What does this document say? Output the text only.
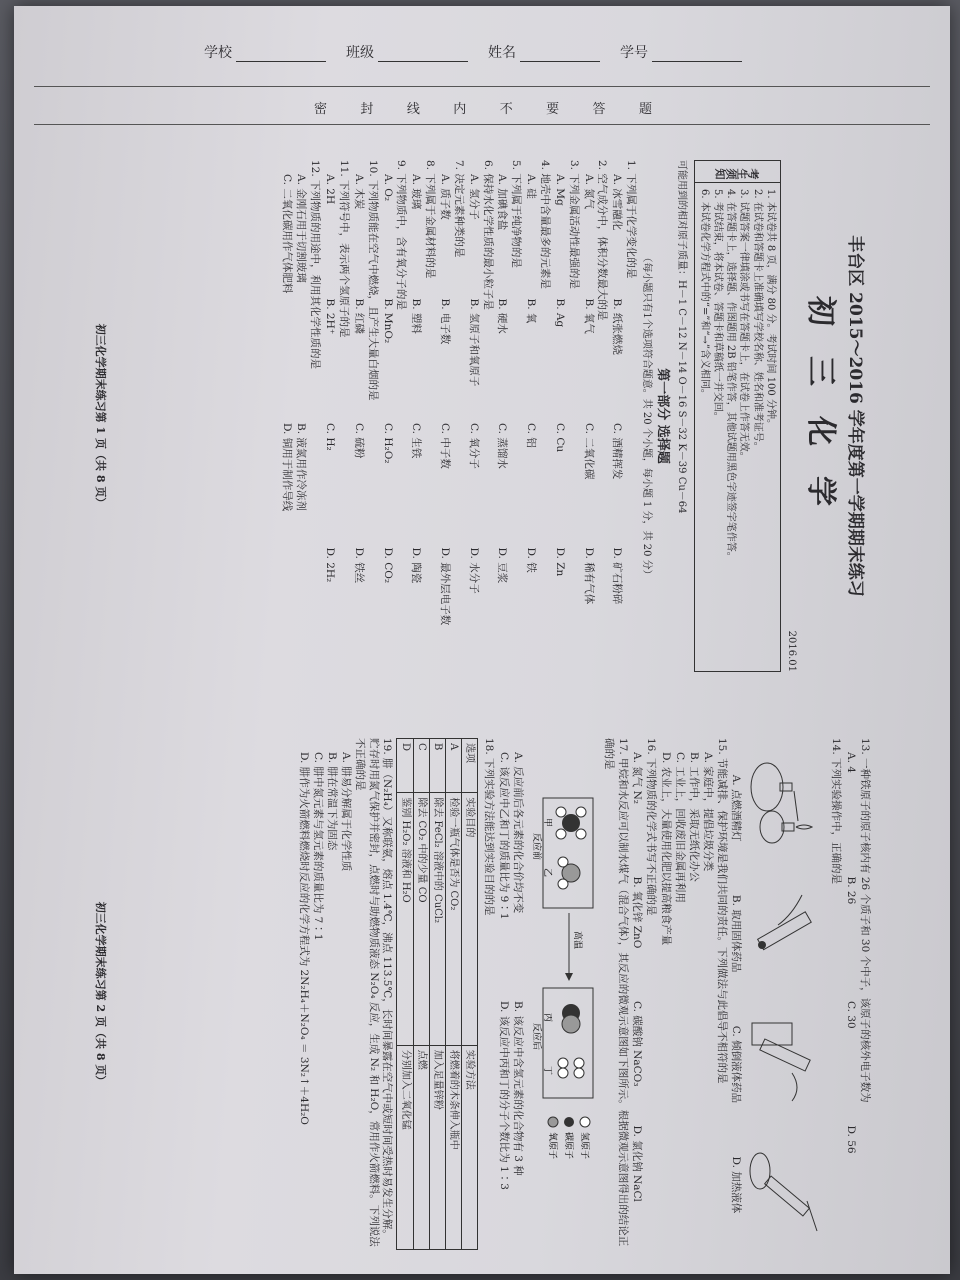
学校	班级	姓名	学号
密 封 线 内 不 要 答 题
丰台区 2015～2016 学年度第一学期期末练习
初三化学
2016.01
考生须知
1. 本试卷共 8 页，满分 80 分。考试时间 100 分钟。
2. 在试卷和答题卡上准确填写学校名称、姓名和准考证号。
3. 试题答案一律填涂或书写在答题卡上，在试卷上作答无效。
4. 在答题卡上，选择题、作图题用 2B 铅笔作答，其他试题用黑色字迹签字笔作答。
5. 考试结束，将本试卷、答题卡和草稿纸一并交回。
6. 本试卷化学方程式中的“=”和“→”含义相同。
可能用到的相对原子质量：H－1 C－12 N－14 O－16 S－32 K－39 Cu－64
第一部分 选择题
（每小题只有1个选项符合题意。共 20 个小题，每小题 1 分，共 20 分）
1. 下列属于化学变化的是
A. 冰雪融化
B. 纸张燃烧
C. 酒精挥发
D. 矿石粉碎
2. 空气成分中，体积分数最大的是
A. 氮气
B. 氧气
C. 二氧化碳
D. 稀有气体
3. 下列金属活动性最强的是
A. Mg
B. Ag
C. Cu
D. Zn
4. 地壳中含量最多的元素是
A. 硅
B. 氧
C. 铝
D. 铁
5. 下列属于纯净物的是
A. 加碘食盐
B. 硬水
C. 蒸馏水
D. 豆浆
6. 保持水化学性质的最小粒子是
A. 氢分子
B. 氢原子和氧原子
C. 氧分子
D. 水分子
7. 决定元素种类的是
A. 质子数
B. 电子数
C. 中子数
D. 最外层电子数
8. 下列属于金属材料的是
A. 玻璃
B. 塑料
C. 生铁
D. 陶瓷
9. 下列物质中，含有氧分子的是
A. O₂
B. MnO₂
C. H₂O₂
D. CO₂
10. 下列物质能在空气中燃烧，且产生大量白烟的是
A. 木炭
B. 红磷
C. 硫粉
D. 铁丝
11. 下列符号中，表示两个氢原子的是
A. 2H
B. 2H⁺
C. H₂
D. 2H₂
12. 下列物质的用途中，利用其化学性质的是
A. 金刚石用于切割玻璃
B. 液氮用作冷冻剂
C. 二氧化碳用作气体肥料
D. 铜用于制作导线
初三化学期末练习第 1 页（共 8 页）
13. 一种铁原子的原子核内有 26 个质子和 30 个中子，该原子的核外电子数为
A. 4
B. 26
C. 30
D. 56
14. 下列实验操作中，正确的是
A. 点燃酒精灯
B. 取用固体药品
C. 倾倒液体药品
D. 加热液体
15. 节能减排、保护环境是我们共同的责任。下列做法与此倡导不相符的是
A. 家庭中，提倡垃圾分类
B. 工作中，采取无纸化办公
C. 工业上，回收废旧金属再利用
D. 农业上，大量使用化肥以提高粮食产量
16. 下列物质的化学式书写不正确的是
A. 氮气 N₂
B. 氧化锌 ZnO
C. 碳酸钠 NaCO₃
D. 氯化钠 NaCl
17. 甲烷和水反应可以制水煤气（混合气体），其反应的微观示意图如下图所示。根据微观示意图得出的结论正确的是
甲
乙
反应前
高温
丙
丁
反应后
氢原子
碳原子
氧原子
A. 反应前后各元素的化合价均不变
B. 该反应中含氢元素的化合物有 3 种
C. 该反应中乙和丁的质量比为 9∶1
D. 该反应中丙和丁的分子个数比为 1∶3
18. 下列实验方法能达到实验目的的是
选项	实验目的	实验方法
A	检验一瓶气体是否为 CO₂	将燃着的木条伸入瓶中
B	除去 FeCl₂ 溶液中的 CuCl₂	加入足量锌粉
C	除去 CO₂ 中的少量 CO	点燃
D	鉴别 H₂O₂ 溶液和 H₂O	分别加入二氧化锰
19. 肼（N₂H₄）又称联氨，熔点 1.4℃，沸点 113.5℃，长时间暴露在空气中或短时间受热时易发生分解。贮存时用氮气保护并密封，点燃时与助燃物质液态 N₂O₄ 反应，生成 N₂ 和 H₂O，常用作火箭燃料。下列说法不正确的是
A. 肼易分解属于化学性质
B. 肼在常温下为固态
C. 肼中氮元素与氢元素的质量比为 7∶1
D. 肼作为火箭燃料燃烧时反应的化学方程式为 2N₂H₄＋N₂O₄ ＝ 3N₂↑＋4H₂O
初三化学期末练习第 2 页（共 8 页）
